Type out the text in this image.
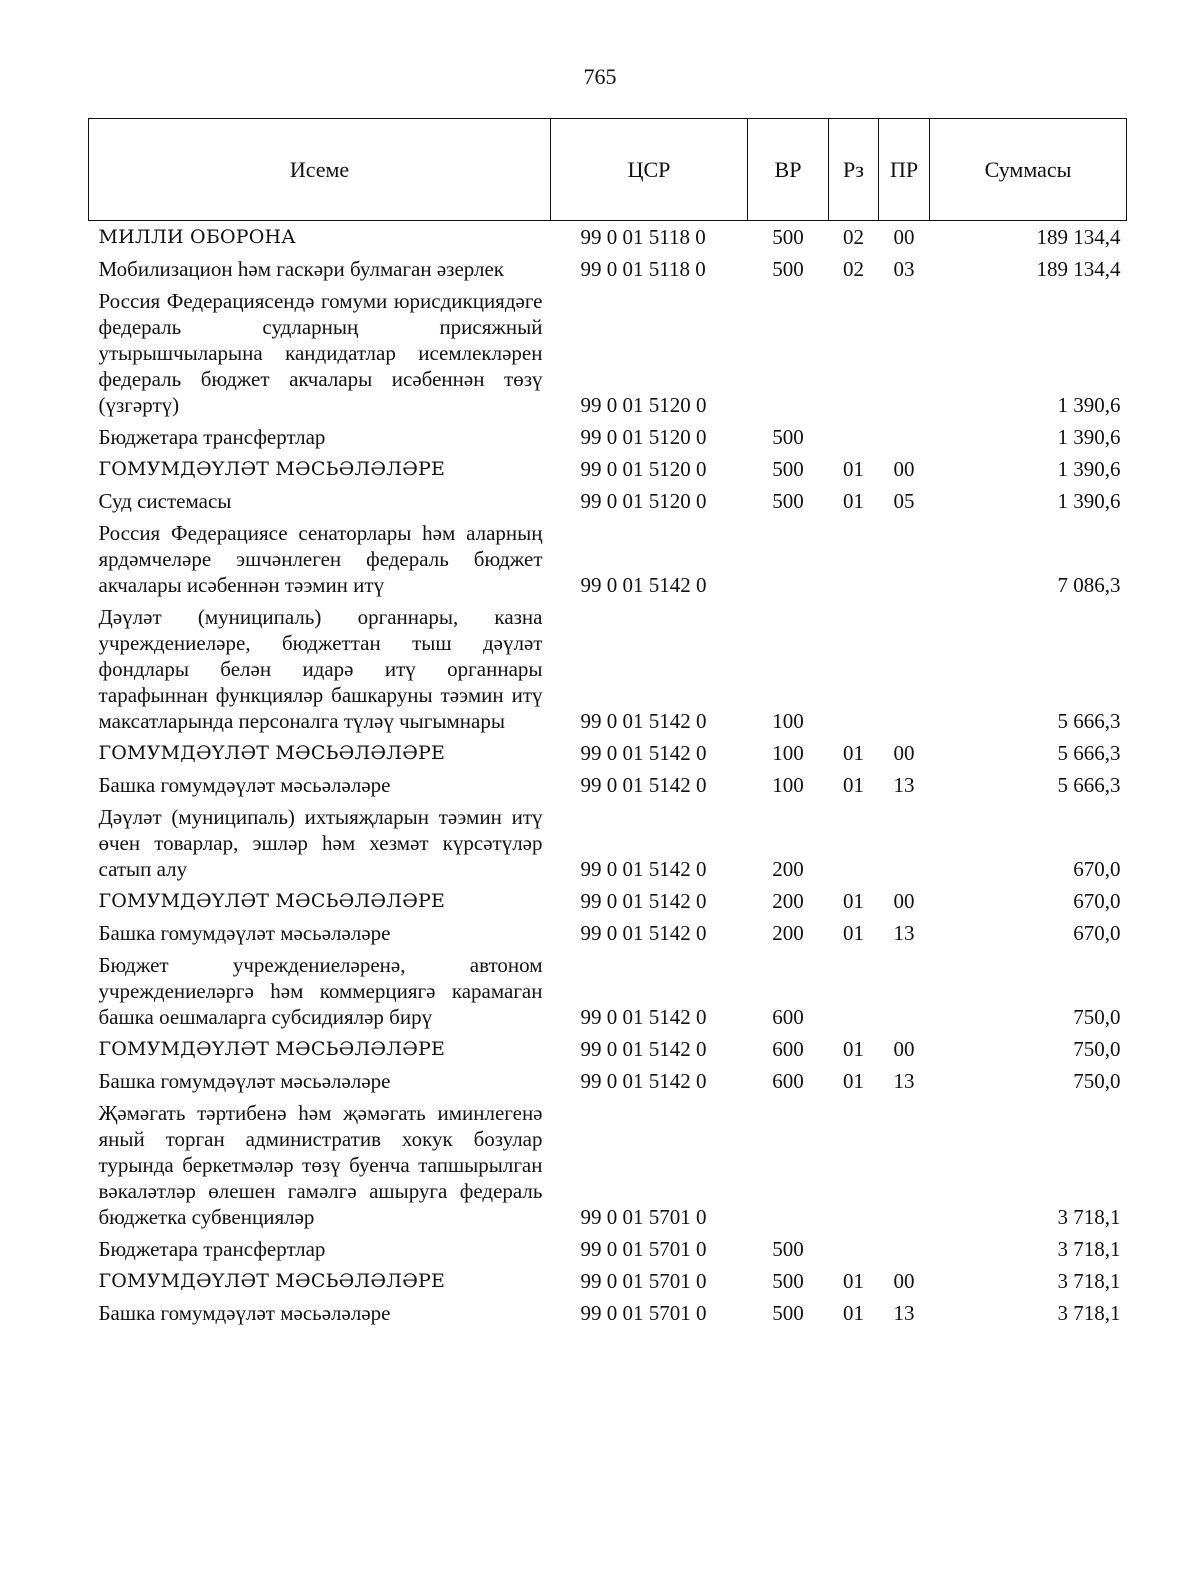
765
Исеме	ЦСР	ВР	Рз	ПР	Суммасы
МИЛЛИ ОБОРОНА	99 0 01 5118 0	500	02	00	189 134,4
Мобилизацион һәм гаскәри булмаган әзерлек	99 0 01 5118 0	500	02	03	189 134,4
Россия Федерациясендә гомуми юрисдикциядәге федераль судларның присяжный утырышчыларына кандидатлар исемлекләрен федераль бюджет акчалары исәбеннән төзү (үзгәртү)	99 0 01 5120 0				1 390,6
Бюджетара трансфертлар	99 0 01 5120 0	500			1 390,6
ГОМУМДӘҮЛӘТ МӘСЬӘЛӘЛӘРЕ	99 0 01 5120 0	500	01	00	1 390,6
Суд системасы	99 0 01 5120 0	500	01	05	1 390,6
Россия Федерациясе сенаторлары һәм аларның ярдәмчеләре эшчәнлеген федераль бюджет акчалары исәбеннән тәэмин итү	99 0 01 5142 0				7 086,3
Дәүләт (муниципаль) органнары, казна учреждениеләре, бюджеттан тыш дәүләт фондлары белән идарә итү органнары тарафыннан функцияләр башкаруны тәэмин итү максатларында персоналга түләү чыгымнары	99 0 01 5142 0	100			5 666,3
ГОМУМДӘҮЛӘТ МӘСЬӘЛӘЛӘРЕ	99 0 01 5142 0	100	01	00	5 666,3
Башка гомумдәүләт мәсьәләләре	99 0 01 5142 0	100	01	13	5 666,3
Дәүләт (муниципаль) ихтыяҗларын тәэмин итү өчен товарлар, эшләр һәм хезмәт күрсәтүләр сатып алу	99 0 01 5142 0	200			670,0
ГОМУМДӘҮЛӘТ МӘСЬӘЛӘЛӘРЕ	99 0 01 5142 0	200	01	00	670,0
Башка гомумдәүләт мәсьәләләре	99 0 01 5142 0	200	01	13	670,0
Бюджет учреждениеләренә, автоном учреждениеләргә һәм коммерциягә карамаган башка оешмаларга субсидияләр бирү	99 0 01 5142 0	600			750,0
ГОМУМДӘҮЛӘТ МӘСЬӘЛӘЛӘРЕ	99 0 01 5142 0	600	01	00	750,0
Башка гомумдәүләт мәсьәләләре	99 0 01 5142 0	600	01	13	750,0
Җәмәгать тәртибенә һәм җәмәгать иминлегенә яный торган административ хокук бозулар турында беркетмәләр төзү буенча тапшырылган вәкаләтләр өлешен гамәлгә ашыруга федераль бюджетка субвенцияләр	99 0 01 5701 0				3 718,1
Бюджетара трансфертлар	99 0 01 5701 0	500			3 718,1
ГОМУМДӘҮЛӘТ МӘСЬӘЛӘЛӘРЕ	99 0 01 5701 0	500	01	00	3 718,1
Башка гомумдәүләт мәсьәләләре	99 0 01 5701 0	500	01	13	3 718,1
